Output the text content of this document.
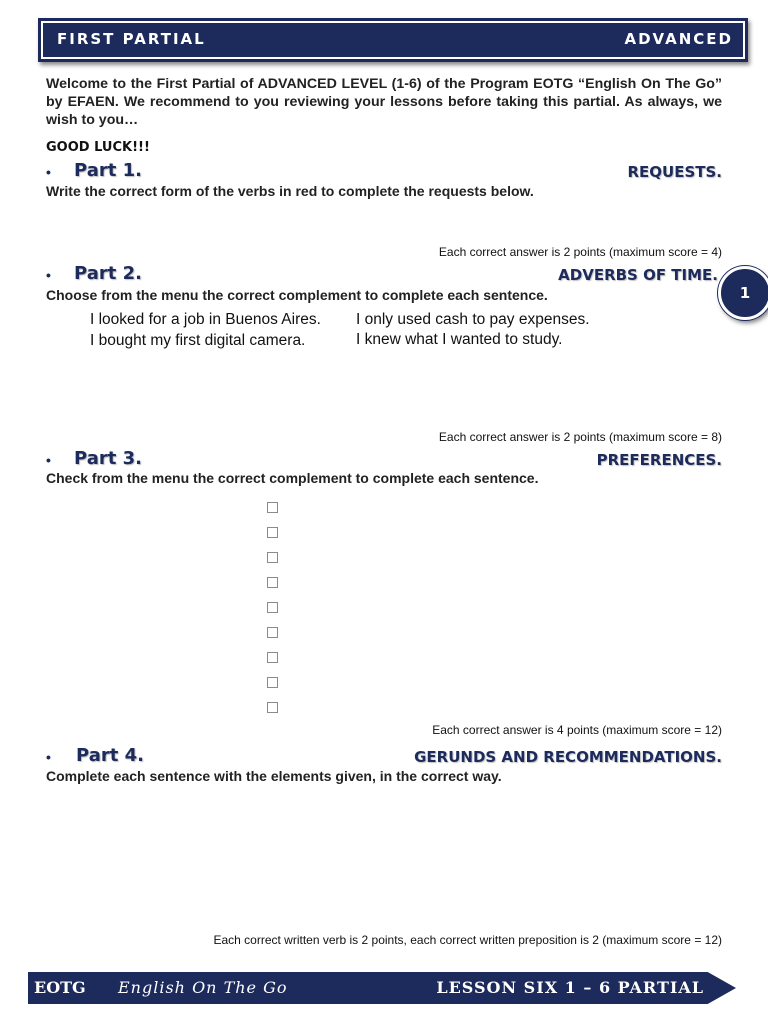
FIRST PARTIAL	ADVANCED
Welcome to the First Partial of ADVANCED LEVEL (1-6) of the Program EOTG “English On The Go” by EFAEN. We recommend to you reviewing your lessons before taking this partial. As always, we wish to you…
GOOD LUCK!!!
• Part 1.	REQUESTS.
Write the correct form of the verbs in red to complete the requests below.
Each correct answer is 2 points (maximum score = 4)
• Part 2.	ADVERBS OF TIME.
Choose from the menu the correct complement to complete each sentence.
I looked for a job in Buenos Aires. I only used cash to pay expenses.
I bought my first digital camera.	I knew what I wanted to study.
Each correct answer is 2 points (maximum score = 8)
1
• Part 3.	PREFERENCES.
Check from the menu the correct complement to complete each sentence.
Each correct answer is 4 points (maximum score = 12)
• Part 4.	GERUNDS AND RECOMMENDATIONS.
Complete each sentence with the elements given, in the correct way.
Each correct written verb is 2 points, each correct written preposition is 2 (maximum score = 12)
EOTG English On The Go	LESSON SIX 1 – 6 PARTIAL
